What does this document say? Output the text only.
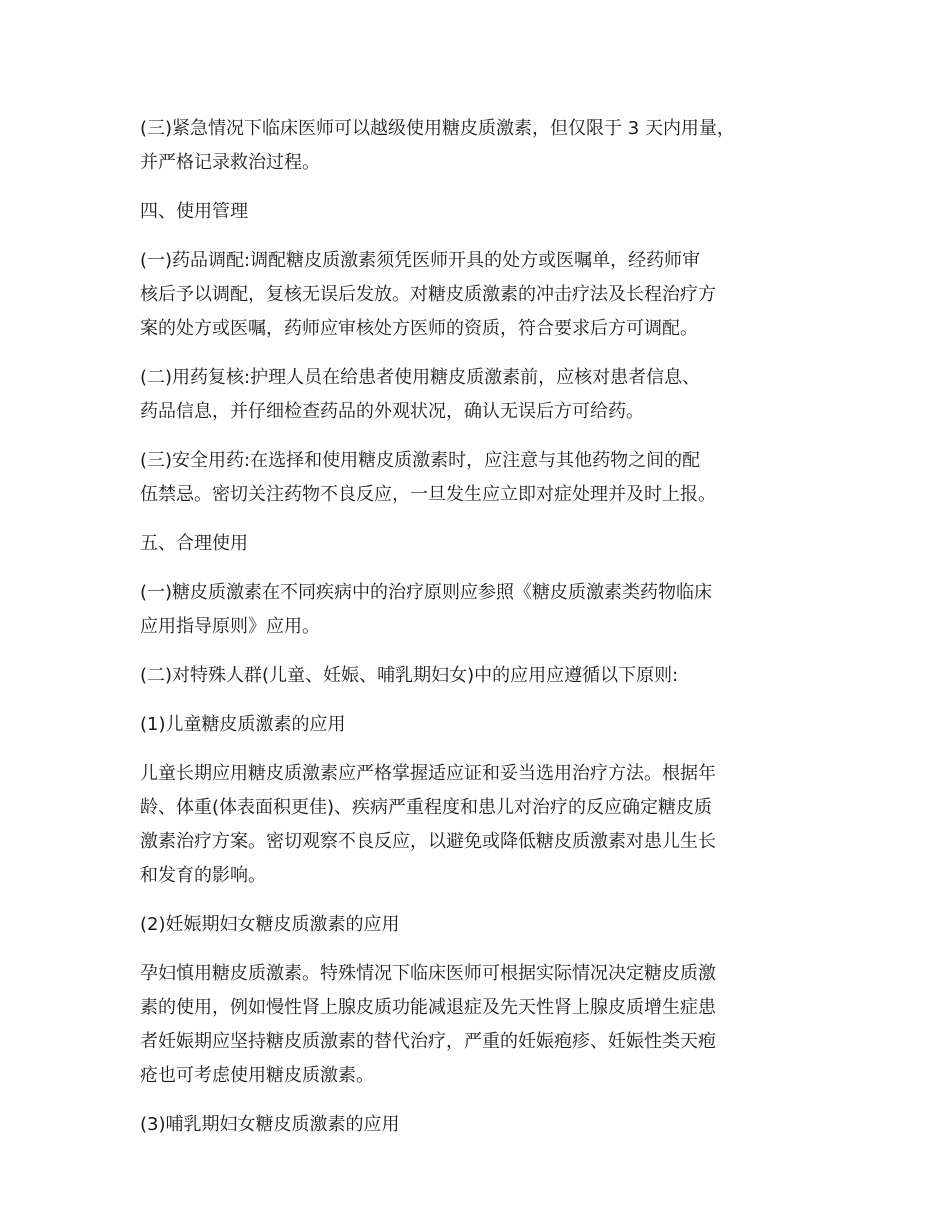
(三)紧急情况下临床医师可以越级使用糖皮质激素，但仅限于 3 天内用量，
并严格记录救治过程。

四、使用管理

(一)药品调配:调配糖皮质激素须凭医师开具的处方或医嘱单，经药师审
核后予以调配，复核无误后发放。对糖皮质激素的冲击疗法及长程治疗方
案的处方或医嘱，药师应审核处方医师的资质，符合要求后方可调配。

(二)用药复核:护理人员在给患者使用糖皮质激素前，应核对患者信息、
药品信息，并仔细检查药品的外观状况，确认无误后方可给药。

(三)安全用药:在选择和使用糖皮质激素时，应注意与其他药物之间的配
伍禁忌。密切关注药物不良反应，一旦发生应立即对症处理并及时上报。

五、合理使用

(一)糖皮质激素在不同疾病中的治疗原则应参照《糖皮质激素类药物临床
应用指导原则》应用。

(二)对特殊人群(儿童、妊娠、哺乳期妇女)中的应用应遵循以下原则:

(1)儿童糖皮质激素的应用

儿童长期应用糖皮质激素应严格掌握适应证和妥当选用治疗方法。根据年
龄、体重(体表面积更佳)、疾病严重程度和患儿对治疗的反应确定糖皮质
激素治疗方案。密切观察不良反应，以避免或降低糖皮质激素对患儿生长
和发育的影响。

(2)妊娠期妇女糖皮质激素的应用

孕妇慎用糖皮质激素。特殊情况下临床医师可根据实际情况决定糖皮质激
素的使用，例如慢性肾上腺皮质功能减退症及先天性肾上腺皮质增生症患
者妊娠期应坚持糖皮质激素的替代治疗，严重的妊娠疱疹、妊娠性类天疱
疮也可考虑使用糖皮质激素。

(3)哺乳期妇女糖皮质激素的应用
